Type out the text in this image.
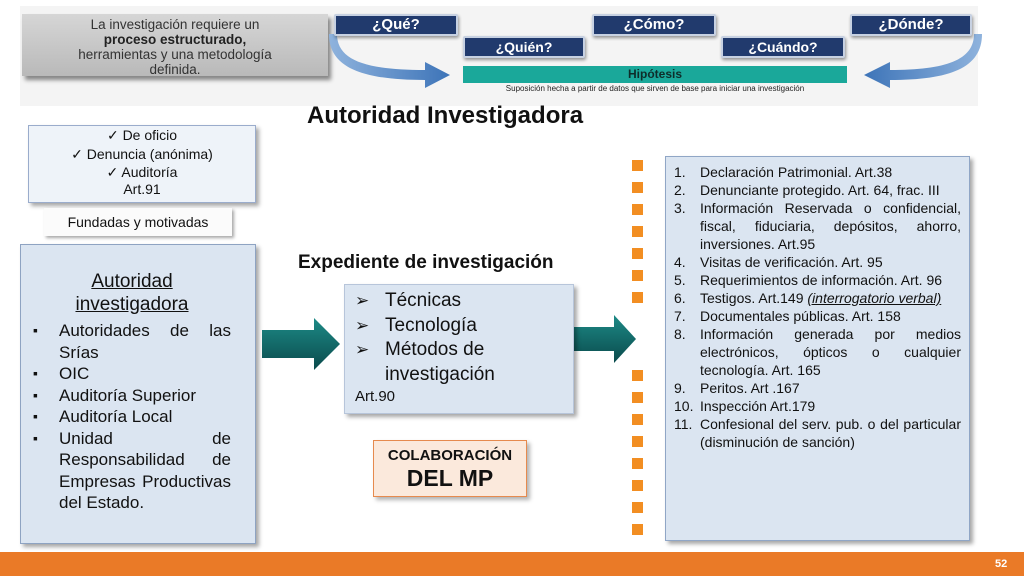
La investigación requiere un
proceso estructurado,
herramientas y una metodología
definida.
¿Qué?
¿Quién?
¿Cómo?
¿Cuándo?
¿Dónde?
Hipótesis
Suposición hecha a partir de datos que sirven de base para iniciar una investigación
Autoridad Investigadora
✓ De oficio
✓ Denuncia (anónima)
✓ Auditoría
Art.91
Fundadas y motivadas
Autoridad
investigadora
▪ Autoridades de las Srías
▪ OIC
▪ Auditoría Superior
▪ Auditoría Local
▪ Unidad de Responsabilidad de Empresas Productivas del Estado.
Expediente de investigación
➢ Técnicas
➢ Tecnología
➢ Métodos de investigación
Art.90
COLABORACIÓN
DEL MP
1.	Declaración Patrimonial. Art.38
2.	Denunciante protegido. Art. 64, frac. III
3.	Información Reservada o confidencial, fiscal, fiduciaria, depósitos, ahorro, inversiones. Art.95
4.	Visitas de verificación. Art. 95
5.	Requerimientos de información. Art. 96
6.	Testigos. Art.149 (interrogatorio verbal)
7.	Documentales públicas. Art. 158
8.	Información generada por medios electrónicos, ópticos o cualquier tecnología. Art. 165
9.	Peritos. Art .167
10. Inspección Art.179
11. Confesional del serv. pub. o del particular (disminución de sanción)
52
